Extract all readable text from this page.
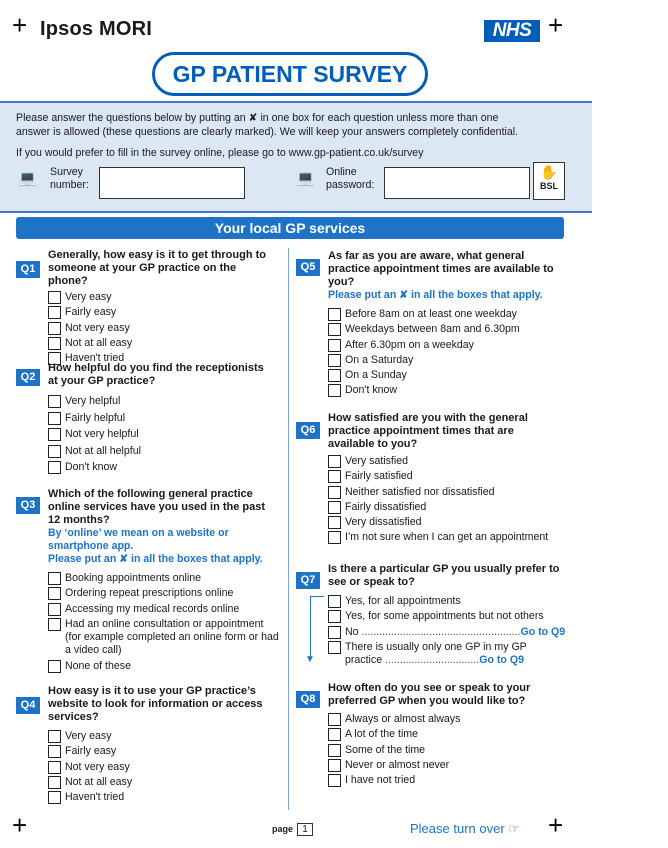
+	+
+	+
Ipsos MORI	NHS
GP PATIENT SURVEY

Please answer the questions below by putting an ✘ in one box for each question unless more than one

answer is allowed (these questions are clearly marked). We will keep your answers completely confidential.

If you would prefer to fill in the survey online, please go to www.gp-patient.co.uk/survey

💻 Survey
number:	💻 Online
password:
✋
BSL
Your local GP services
Q1
Generally, how easy is it to get through to someone at your GP practice on the phone?
Very easy
Fairly easy
Not very easy
Not at all easy
Haven't tried
Q2
How helpful do you find the receptionists at your GP practice?
Very helpful
Fairly helpful
Not very helpful
Not at all helpful
Don't know
Q3
Which of the following general practice online services have you used in the past 12 months?
By ‘online’ we mean on a website or smartphone app.
Please put an ✘ in all the boxes that apply.
Booking appointments online
Ordering repeat prescriptions online
Accessing my medical records online
Had an online consultation or appointment (for example completed an online form or had a video call)
None of these
Q4
How easy is it to use your GP practice’s website to look for information or access services?
Very easy
Fairly easy
Not very easy
Not at all easy
Haven't tried
Q5
As far as you are aware, what general practice appointment times are available to you?
Please put an ✘ in all the boxes that apply.
Before 8am on at least one weekday
Weekdays between 8am and 6.30pm
After 6.30pm on a weekday
On a Saturday
On a Sunday
Don't know
Q6
How satisfied are you with the general practice appointment times that are available to you?
Very satisfied
Fairly satisfied
Neither satisfied nor dissatisfied
Fairly dissatisfied
Very dissatisfied
I’m not sure when I can get an appointment
Q7
Is there a particular GP you usually prefer to see or speak to?
Yes, for all appointments
Yes, for some appointments but not others
No ......................................................Go to Q9
There is usually only one GP in my GP practice ................................Go to Q9
▼
Q8
How often do you see or speak to your preferred GP when you would like to?
Always or almost always
A lot of the time
Some of the time
Never or almost never
I have not tried
page 1	Please turn over ☞
